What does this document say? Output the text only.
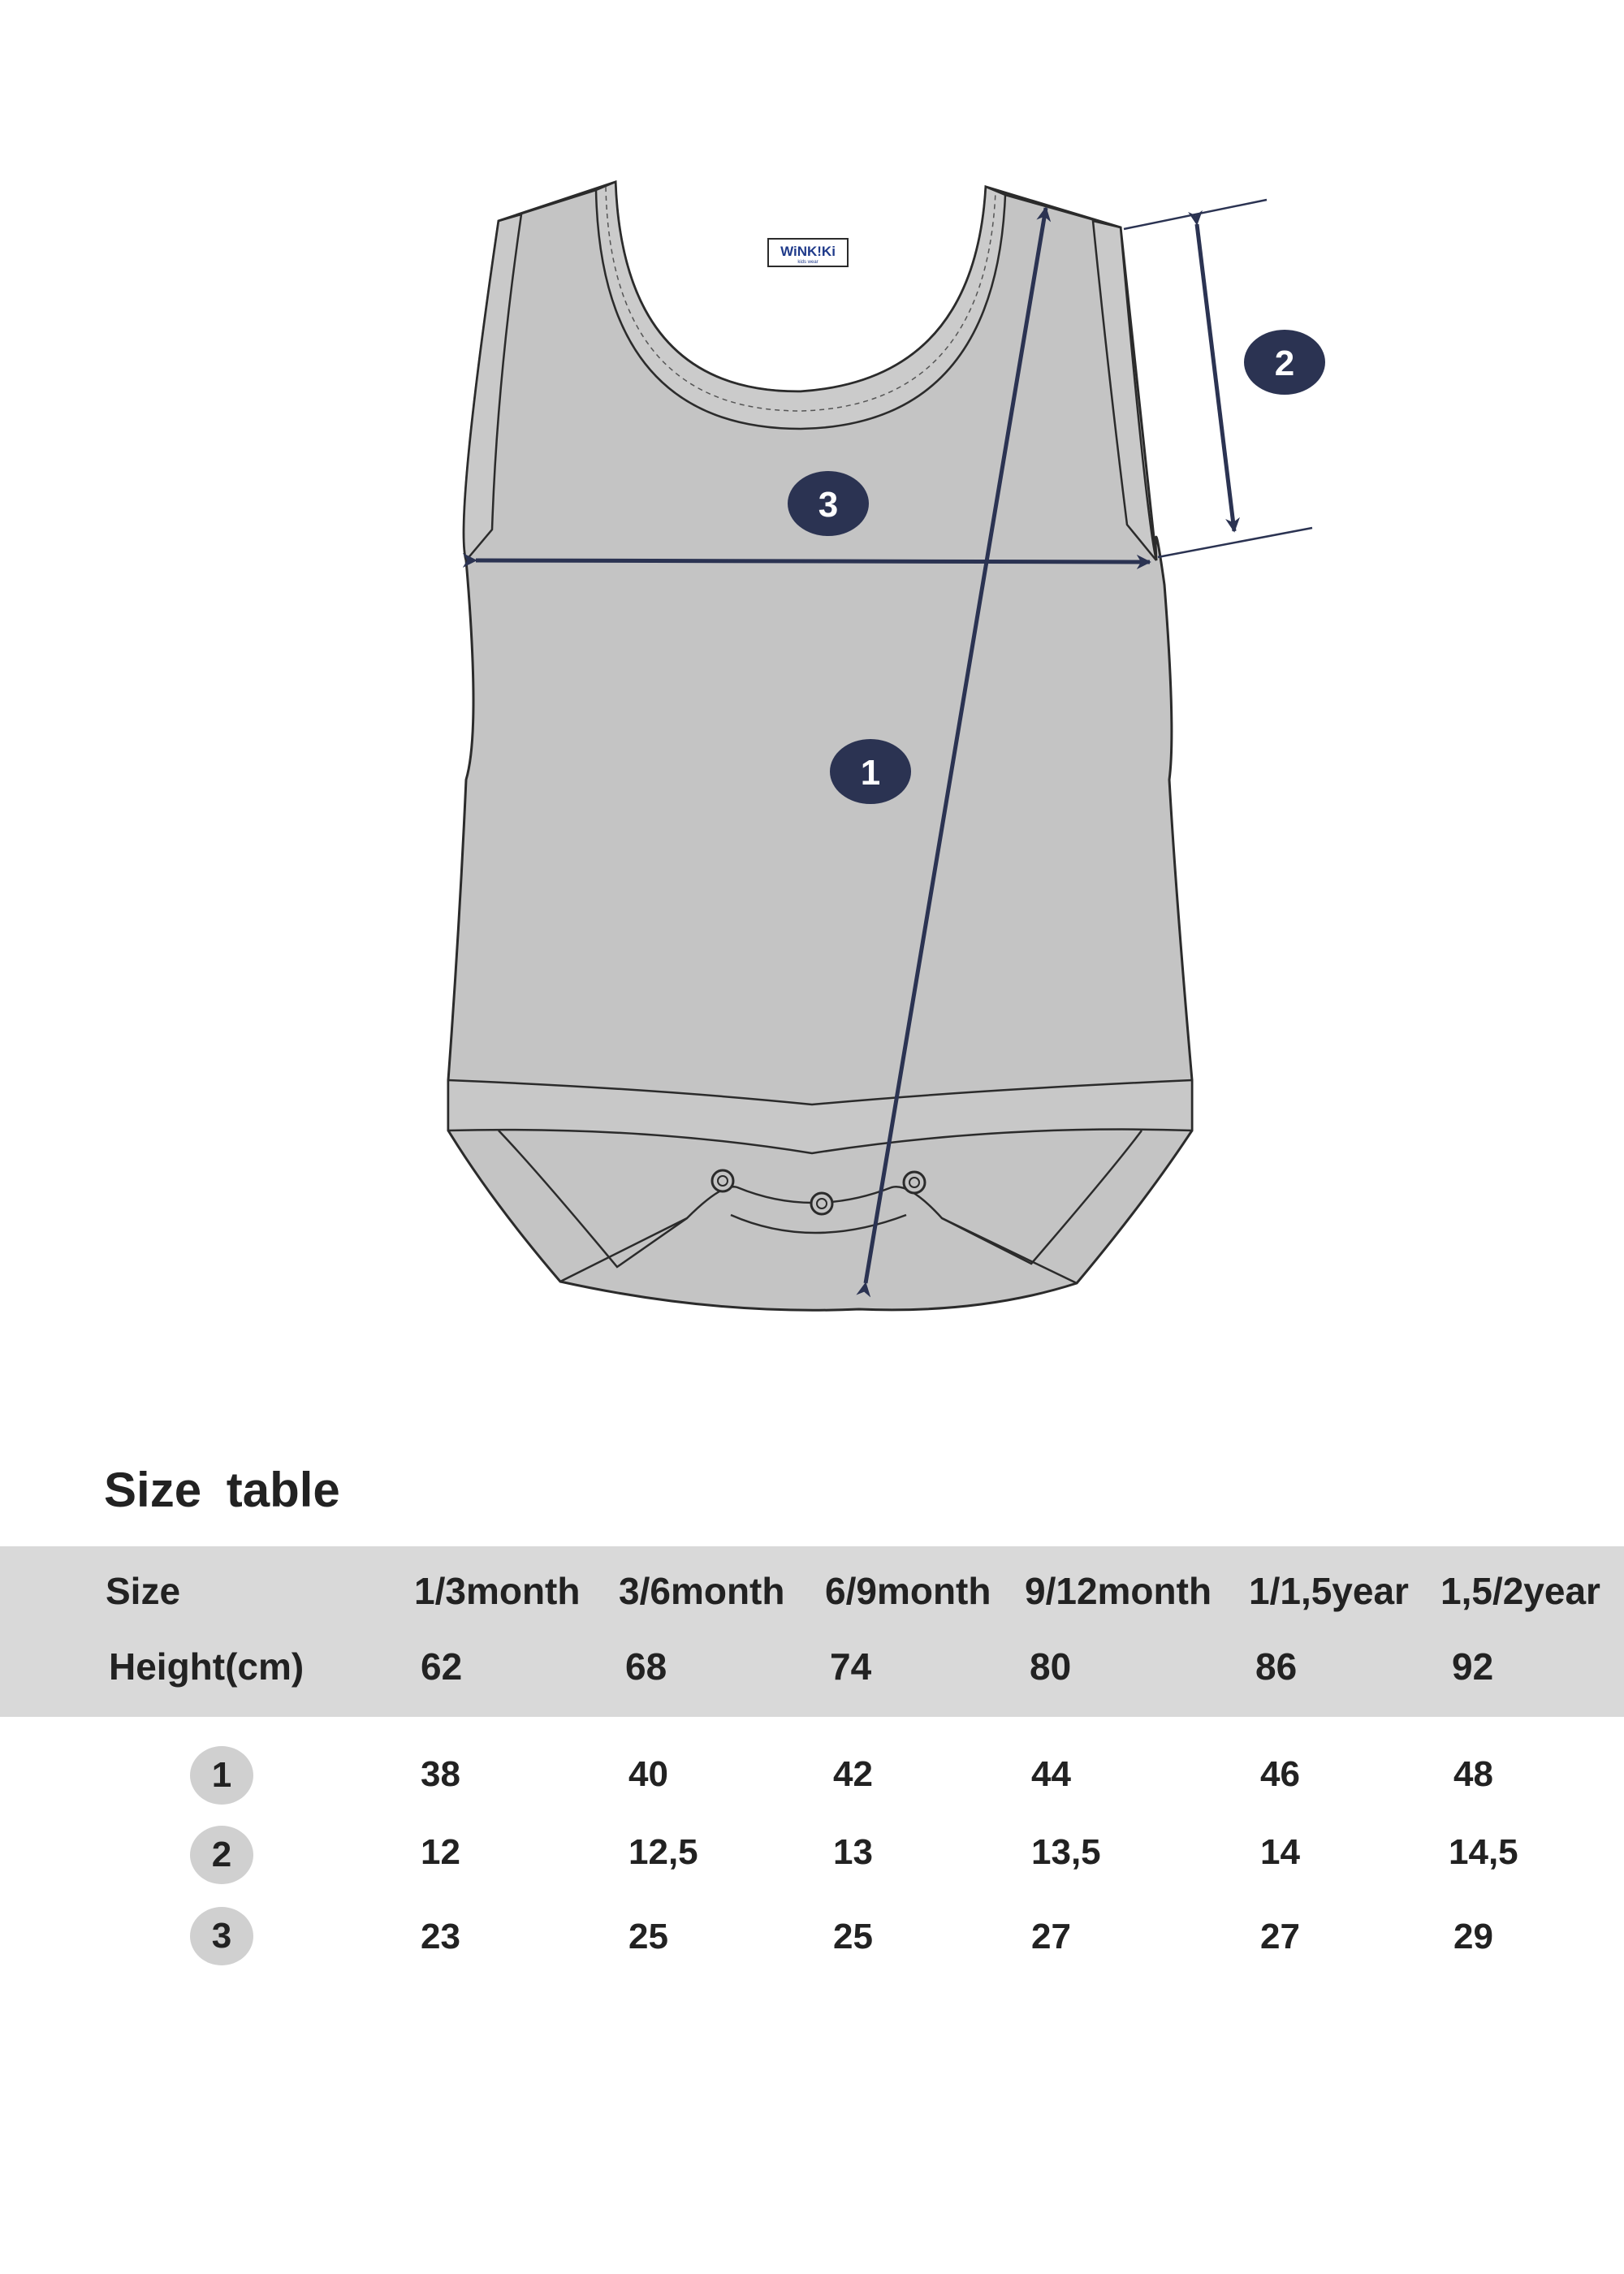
WiNK!Ki
kids wear
1
2
3
Size table
Size	1/3month 3/6month 6/9month 9/12month 1/1,5year 1,5/2year
Height(cm)	62	68	74	80	86	92
1	38	40	42	44	46	48
2	12	12,5	13	13,5	14	14,5
3	23	25	25	27	27	29
